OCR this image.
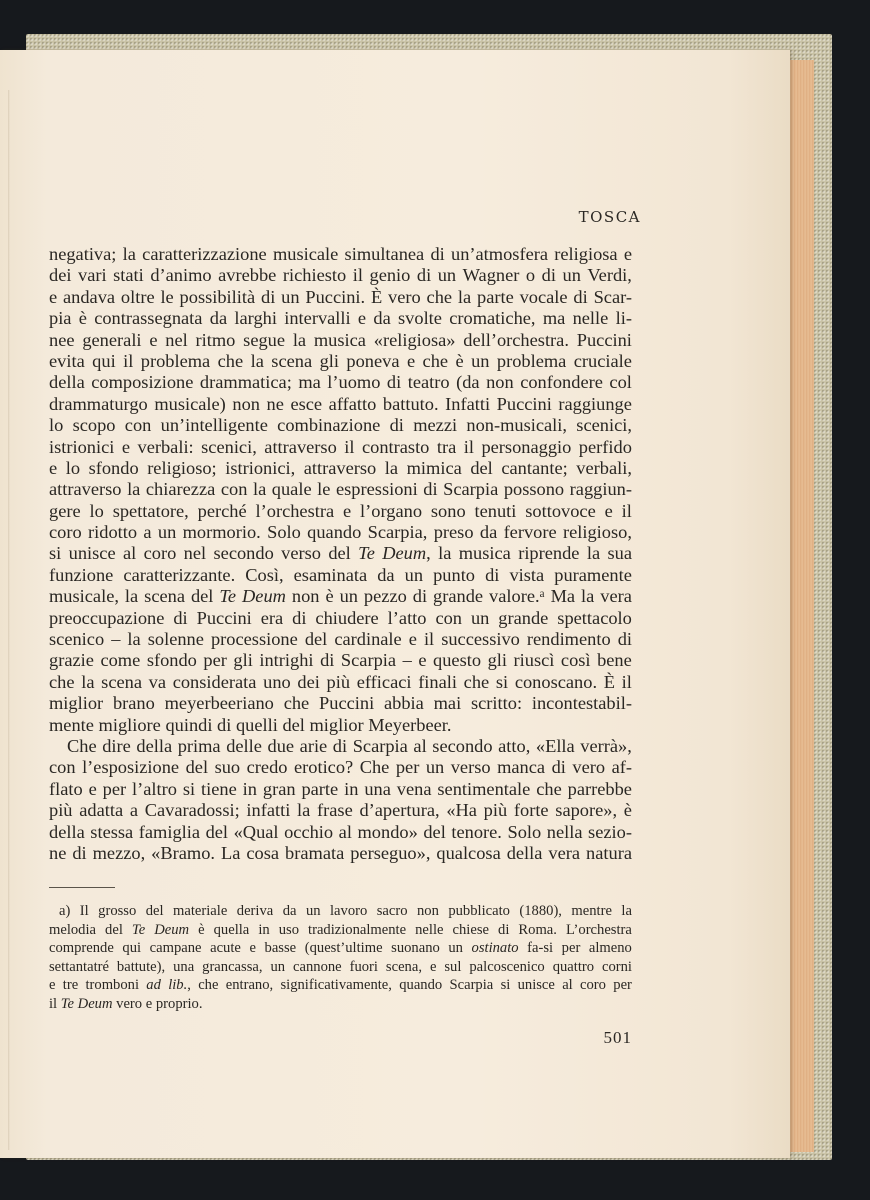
TOSCA
negativa; la caratterizzazione musicale simultanea di un’atmosfera religiosa e
dei vari stati d’animo avrebbe richiesto il genio di un Wagner o di un Verdi,
e andava oltre le possibilità di un Puccini. È vero che la parte vocale di Scar-
pia è contrassegnata da larghi intervalli e da svolte cromatiche, ma nelle li-
nee generali e nel ritmo segue la musica «religiosa» dell’orchestra. Puccini
evita qui il problema che la scena gli poneva e che è un problema cruciale
della composizione drammatica; ma l’uomo di teatro (da non confondere col
drammaturgo musicale) non ne esce affatto battuto. Infatti Puccini raggiunge
lo scopo con un’intelligente combinazione di mezzi non-musicali, scenici,
istrionici e verbali: scenici, attraverso il contrasto tra il personaggio perfido
e lo sfondo religioso; istrionici, attraverso la mimica del cantante; verbali,
attraverso la chiarezza con la quale le espressioni di Scarpia possono raggiun-
gere lo spettatore, perché l’orchestra e l’organo sono tenuti sottovoce e il
coro ridotto a un mormorio. Solo quando Scarpia, preso da fervore religioso,
si unisce al coro nel secondo verso del Te Deum, la musica riprende la sua
funzione caratterizzante. Così, esaminata da un punto di vista puramente
musicale, la scena del Te Deum non è un pezzo di grande valore.ᵃ Ma la vera
preoccupazione di Puccini era di chiudere l’atto con un grande spettacolo
scenico – la solenne processione del cardinale e il successivo rendimento di
grazie come sfondo per gli intrighi di Scarpia – e questo gli riuscì così bene
che la scena va considerata uno dei più efficaci finali che si conoscano. È il
miglior brano meyerbeeriano che Puccini abbia mai scritto: incontestabil-
mente migliore quindi di quelli del miglior Meyerbeer.
Che dire della prima delle due arie di Scarpia al secondo atto, «Ella verrà»,
con l’esposizione del suo credo erotico? Che per un verso manca di vero af-
flato e per l’altro si tiene in gran parte in una vena sentimentale che parrebbe
più adatta a Cavaradossi; infatti la frase d’apertura, «Ha più forte sapore», è
della stessa famiglia del «Qual occhio al mondo» del tenore. Solo nella sezio-
ne di mezzo, «Bramo. La cosa bramata perseguo», qualcosa della vera natura
a) Il grosso del materiale deriva da un lavoro sacro non pubblicato (1880), mentre la
melodia del Te Deum è quella in uso tradizionalmente nelle chiese di Roma. L’orchestra
comprende qui campane acute e basse (quest’ultime suonano un ostinato fa-si per almeno
settantatré battute), una grancassa, un cannone fuori scena, e sul palcoscenico quattro corni
e tre tromboni ad lib., che entrano, significativamente, quando Scarpia si unisce al coro per
il Te Deum vero e proprio.
501
